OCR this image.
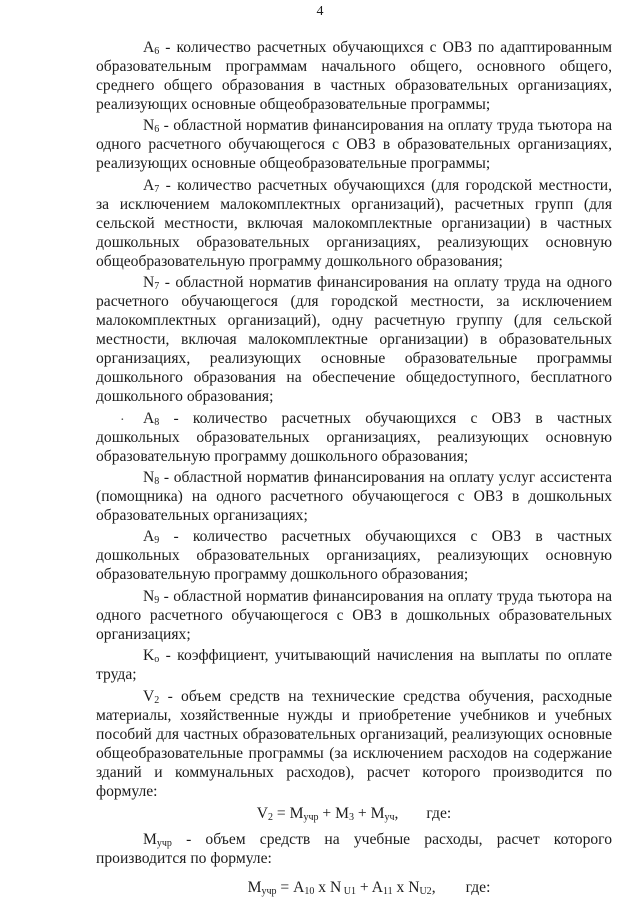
4
·

$A_6$ - количество расчетных обучающихся с ОВЗ по адаптированным образовательным программам начального общего, основного общего, среднего общего образования в частных образовательных организациях, реализующих основные общеобразовательные программы;

$N_6$ - областной норматив финансирования на оплату труда тьютора на одного расчетного обучающегося с ОВЗ в образовательных организациях, реализующих основные общеобразовательные программы;

$A_7$ - количество расчетных обучающихся (для городской местности, за исключением малокомплектных организаций), расчетных групп (для сельской местности, включая малокомплектные организации) в частных дошкольных образовательных организациях, реализующих основную общеобразовательную программу дошкольного образования;

$N_7$ - областной норматив финансирования на оплату труда на одного расчетного обучающегося (для городской местности, за исключением малокомплектных организаций), одну расчетную группу (для сельской местности, включая малокомплектные организации) в образовательных организациях, реализующих основные образовательные программы дошкольного образования на обеспечение общедоступного, бесплатного дошкольного образования;

$A_8$ - количество расчетных обучающихся с ОВЗ в частных дошкольных образовательных организациях, реализующих основную образовательную программу дошкольного образования;

$N_8$ - областной норматив финансирования на оплату услуг ассистента (помощника) на одного расчетного обучающегося с ОВЗ в дошкольных образовательных организациях;

$A_9$ - количество расчетных обучающихся с ОВЗ в частных дошкольных образовательных организациях, реализующих основную образовательную программу дошкольного образования;

$N_9$ - областной норматив финансирования на оплату труда тьютора на одного расчетного обучающегося с ОВЗ в дошкольных образовательных организациях;

$K_o$ - коэффициент, учитывающий начисления на выплаты по оплате труда;

$V_2$ - объем средств на технические средства обучения, расходные материалы, хозяйственные нужды и приобретение учебников и учебных пособий для частных образовательных организаций, реализующих основные общеобразовательные программы (за исключением расходов на содержание зданий и коммунальных расходов), расчет которого производится по формуле:

$V_2 = M_{учр} + M_3 + M_{уч}$, где:

$M_{учр}$ - объем средств на учебные расходы, расчет которого производится по формуле:

$M_{учр} = A_{10}$ x N $_{U1} + A_{11}$ x $N_{U2}$, где:
